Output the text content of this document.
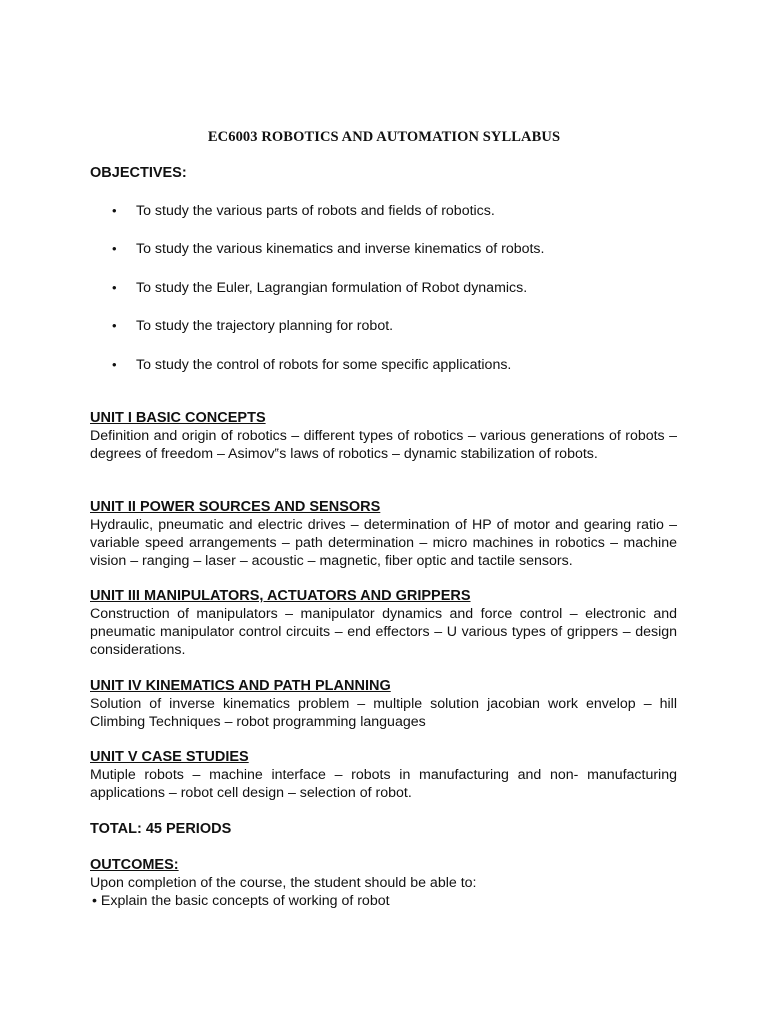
EC6003 ROBOTICS AND AUTOMATION SYLLABUS
OBJECTIVES:
• To study the various parts of robots and fields of robotics.
• To study the various kinematics and inverse kinematics of robots.
• To study the Euler, Lagrangian formulation of Robot dynamics.
• To study the trajectory planning for robot.
• To study the control of robots for some specific applications.
UNIT I BASIC CONCEPTS

Definition and origin of robotics – different types of robotics – various generations of robots – degrees of freedom – Asimov‟s laws of robotics – dynamic stabilization of robots.

UNIT II POWER SOURCES AND SENSORS

Hydraulic, pneumatic and electric drives – determination of HP of motor and gearing ratio – variable speed arrangements – path determination – micro machines in robotics – machine vision – ranging – laser – acoustic – magnetic, fiber optic and tactile sensors.

UNIT III MANIPULATORS, ACTUATORS AND GRIPPERS

Construction of manipulators – manipulator dynamics and force control – electronic and pneumatic manipulator control circuits – end effectors – U various types of grippers – design considerations.

UNIT IV KINEMATICS AND PATH PLANNING

Solution of inverse kinematics problem – multiple solution jacobian work envelop – hill Climbing Techniques – robot programming languages

UNIT V CASE STUDIES

Mutiple robots – machine interface – robots in manufacturing and non- manufacturing applications – robot cell design – selection of robot.

TOTAL: 45 PERIODS
OUTCOMES:

Upon completion of the course, the student should be able to:

• Explain the basic concepts of working of robot
